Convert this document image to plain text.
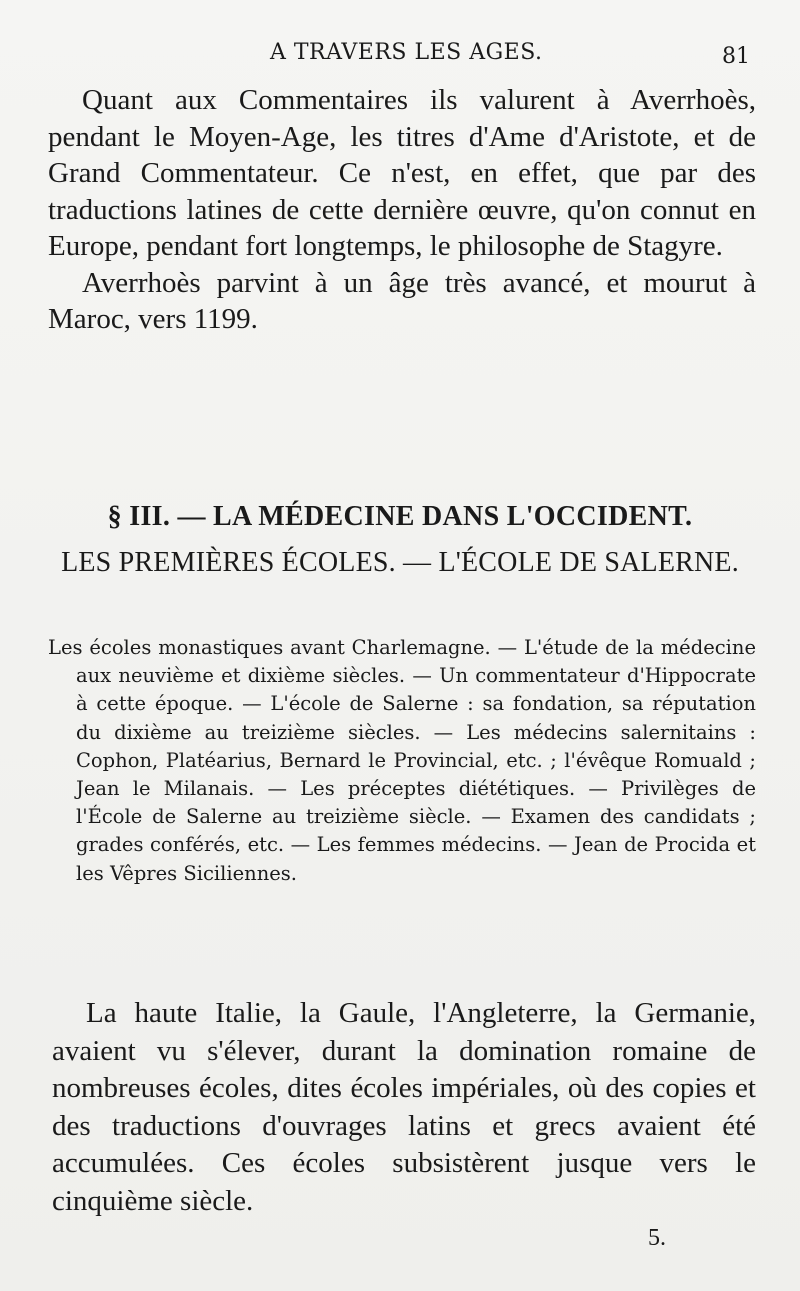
A TRAVERS LES AGES.	81

Quant aux Commentaires ils valurent à Averrhoès, pendant le Moyen-Age, les titres d'Ame d'Aristote, et de Grand Commentateur. Ce n'est, en effet, que par des traductions latines de cette dernière œuvre, qu'on connut en Europe, pendant fort longtemps, le philosophe de Stagyre.

Averrhoès parvint à un âge très avancé, et mourut à Maroc, vers 1199.

§ III. — LA MÉDECINE DANS L'OCCIDENT.
LES PREMIÈRES ÉCOLES. — L'ÉCOLE DE SALERNE.
Les écoles monastiques avant Charlemagne. — L'étude de la médecine aux neuvième et dixième siècles. — Un commentateur d'Hippocrate à cette époque. — L'école de Salerne : sa fondation, sa réputation du dixième au treizième siècles. — Les médecins salernitains : Cophon, Platéarius, Bernard le Provincial, etc. ; l'évêque Romuald ; Jean le Milanais. — Les préceptes diététiques. — Privilèges de l'École de Salerne au treizième siècle. — Examen des candidats ; grades conférés, etc. — Les femmes médecins. — Jean de Procida et les Vêpres Siciliennes.

La haute Italie, la Gaule, l'Angleterre, la Germanie, avaient vu s'élever, durant la domination romaine de nombreuses écoles, dites écoles impériales, où des copies et des traductions d'ouvrages latins et grecs avaient été accumulées. Ces écoles subsistèrent jusque vers le cinquième siècle.

5.
